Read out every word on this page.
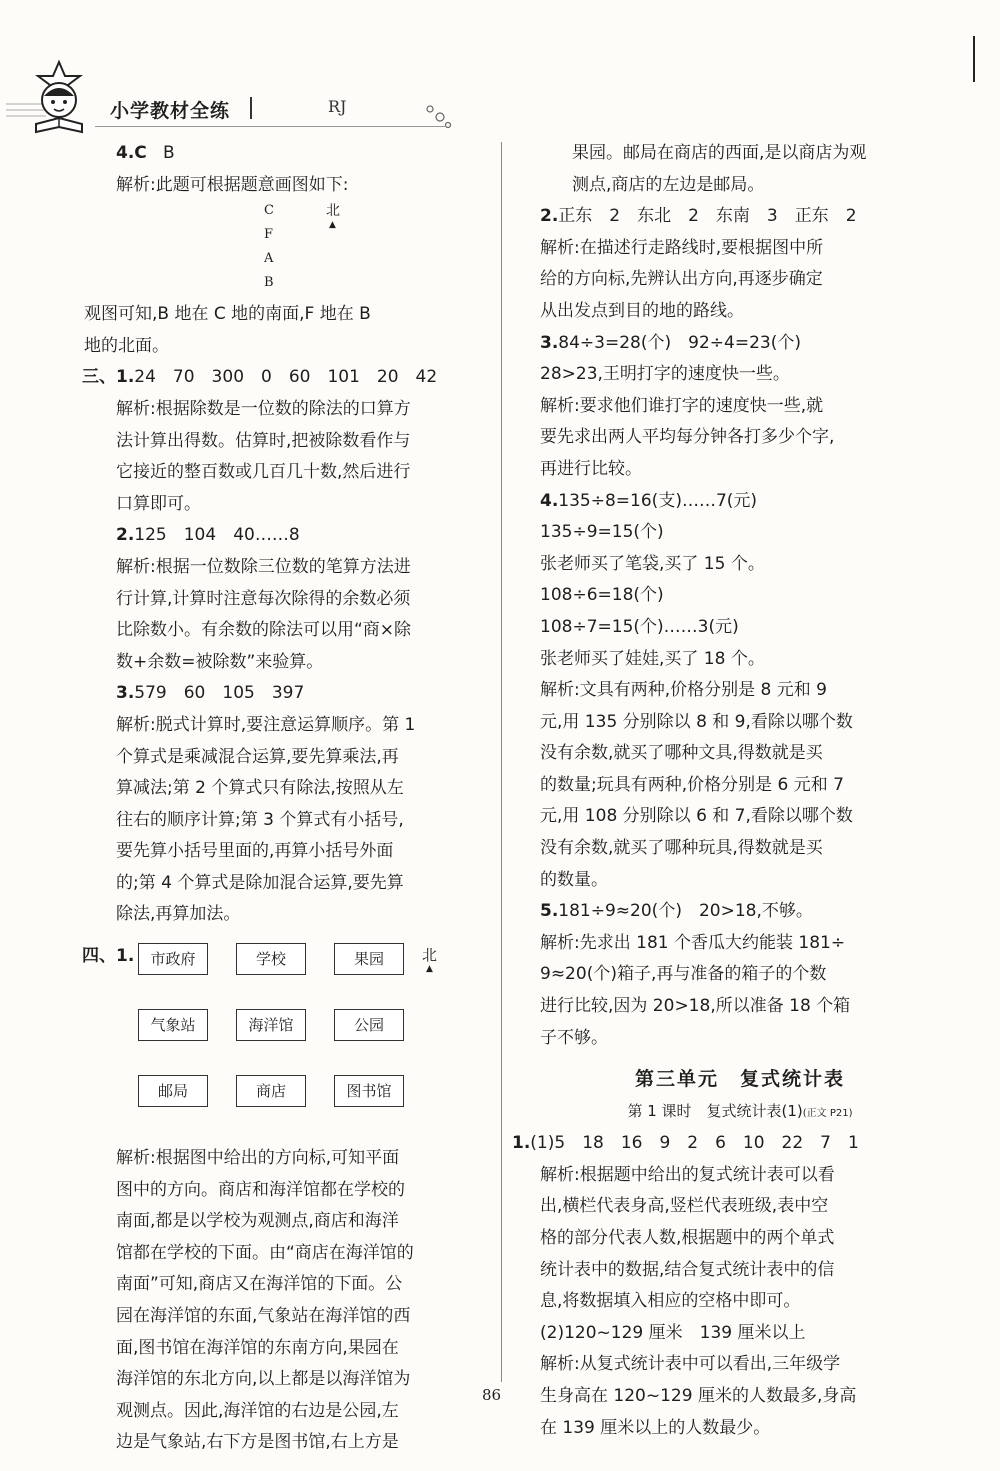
小学教材全练	RJ

4.C B

解析:此题可根据题意画图如下:

C
F
A
B
北
▲

观图可知,B 地在 C 地的南面,F 地在 B

地的北面。

三、 1.24　70　300　0　60　101　20　42

解析:根据除数是一位数的除法的口算方

法计算出得数。估算时,把被除数看作与

它接近的整百数或几百几十数,然后进行

口算即可。

2.125　104　40……8

解析:根据一位数除三位数的笔算方法进

行计算,计算时注意每次除得的余数必须

比除数小。有余数的除法可以用“商×除

数+余数=被除数”来验算。

3.579　60　105　397

解析:脱式计算时,要注意运算顺序。第 1

个算式是乘减混合运算,要先算乘法,再

算减法;第 2 个算式只有除法,按照从左

往右的顺序计算;第 3 个算式有小括号,

要先算小括号里面的,再算小括号外面

的;第 4 个算式是除加混合运算,要先算

除法,再算加法。

四、1.	市政府	学校	果园
气象站	海洋馆	公园
邮局	商店	图书馆
北
▲

解析:根据图中给出的方向标,可知平面

图中的方向。商店和海洋馆都在学校的

南面,都是以学校为观测点,商店和海洋

馆都在学校的下面。由“商店在海洋馆的

南面”可知,商店又在海洋馆的下面。公

园在海洋馆的东面,气象站在海洋馆的西

面,图书馆在海洋馆的东南方向,果园在

海洋馆的东北方向,以上都是以海洋馆为

观测点。因此,海洋馆的右边是公园,左

边是气象站,右下方是图书馆,右上方是

果园。邮局在商店的西面,是以商店为观

测点,商店的左边是邮局。

2.正东　2　东北　2　东南　3　正东　2

解析:在描述行走路线时,要根据图中所

给的方向标,先辨认出方向,再逐步确定

从出发点到目的地的路线。

3.84÷3=28(个)　92÷4=23(个)

28>23,王明打字的速度快一些。

解析:要求他们谁打字的速度快一些,就

要先求出两人平均每分钟各打多少个字,

再进行比较。

4.135÷8=16(支)……7(元)

135÷9=15(个)

张老师买了笔袋,买了 15 个。

108÷6=18(个)

108÷7=15(个)……3(元)

张老师买了娃娃,买了 18 个。

解析:文具有两种,价格分别是 8 元和 9

元,用 135 分别除以 8 和 9,看除以哪个数

没有余数,就买了哪种文具,得数就是买

的数量;玩具有两种,价格分别是 6 元和 7

元,用 108 分别除以 6 和 7,看除以哪个数

没有余数,就买了哪种玩具,得数就是买

的数量。

5.181÷9≈20(个)　20>18,不够。

解析:先求出 181 个香瓜大约能装 181÷

9≈20(个)箱子,再与准备的箱子的个数

进行比较,因为 20>18,所以准备 18 个箱

子不够。

第三单元　复式统计表

第 1 课时　复式统计表(1)(正文 P21)

1.(1)5　18　16　9　2　6　10　22　7　1

解析:根据题中给出的复式统计表可以看

出,横栏代表身高,竖栏代表班级,表中空

格的部分代表人数,根据题中的两个单式

统计表中的数据,结合复式统计表中的信

息,将数据填入相应的空格中即可。

(2)120~129 厘米　139 厘米以上

解析:从复式统计表中可以看出,三年级学

生身高在 120~129 厘米的人数最多,身高

在 139 厘米以上的人数最少。

86
